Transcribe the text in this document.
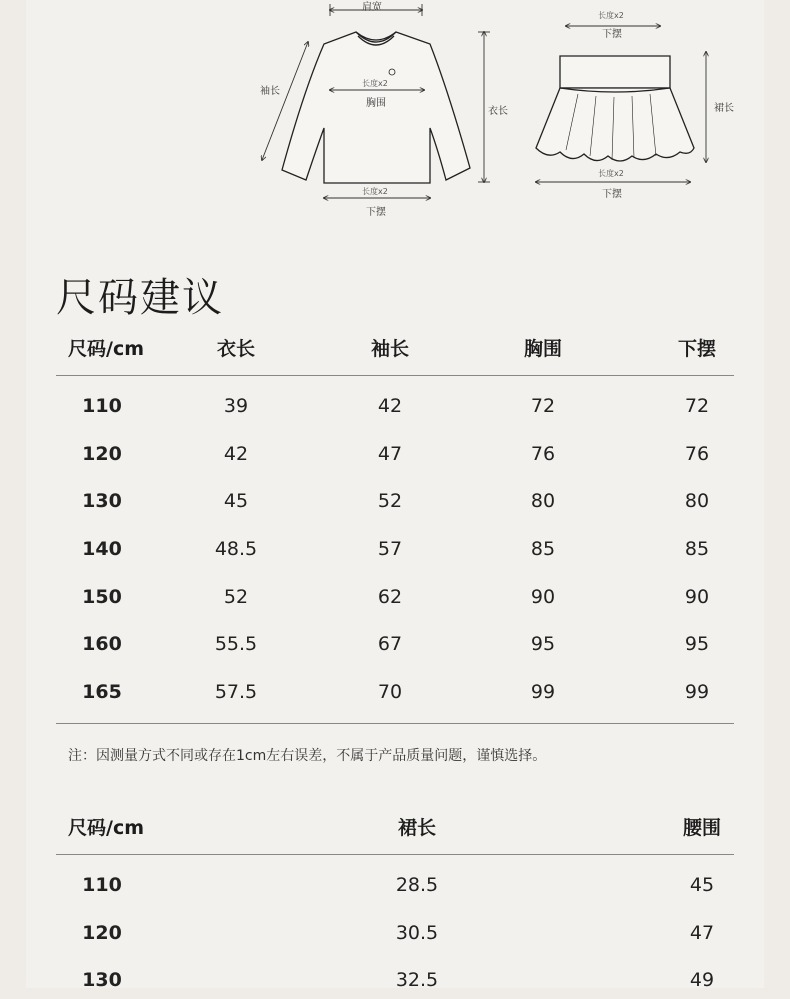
肩宽
袖长
衣长
长度x2
胸围
长度x2
下摆
长度x2
下摆
裙长
长度x2
下摆
尺码建议
尺码/cm	衣长	袖长	胸围	下摆
110	39	42	72	72
120	42	47	76	76
130	45	52	80	80
140	48.5	57	85	85
150	52	62	90	90
160	55.5	67	95	95
165	57.5	70	99	99
注：因测量方式不同或存在1cm左右误差，不属于产品质量问题，谨慎选择。
尺码/cm	裙长	腰围
110	28.5	45
120	30.5	47
130	32.5	49
